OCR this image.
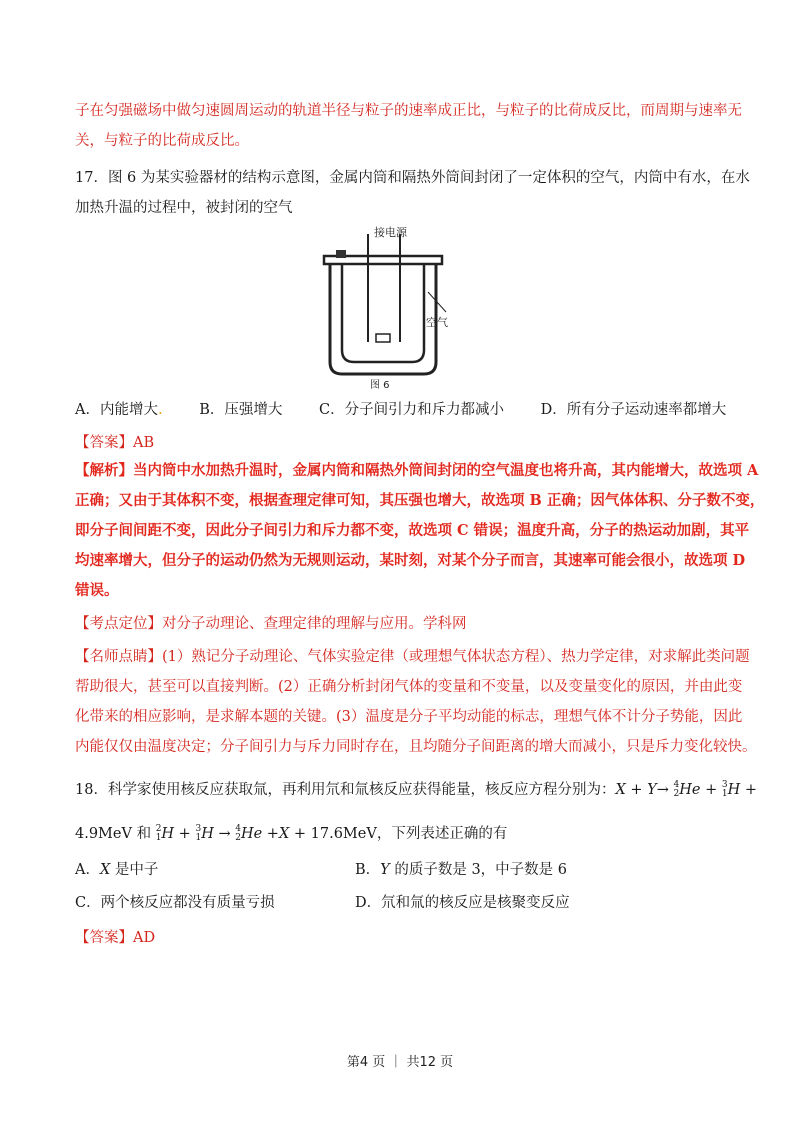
子在匀强磁场中做匀速圆周运动的轨道半径与粒子的速率成正比，与粒子的比荷成反比，而周期与速率无
关，与粒子的比荷成反比。
17．图 6 为某实验器材的结构示意图，金属内筒和隔热外筒间封闭了一定体积的空气，内筒中有水，在水
加热升温的过程中，被封闭的空气
接电源
空气
图 6
A．内能增大.	B．压强增大	C．分子间引力和斥力都减小	D．所有分子运动速率都增大
【答案】AB
【解析】当内筒中水加热升温时，金属内筒和隔热外筒间封闭的空气温度也将升高，其内能增大，故选项 A
正确；又由于其体积不变，根据查理定律可知，其压强也增大，故选项 B 正确；因气体体积、分子数不变，
即分子间间距不变，因此分子间引力和斥力都不变，故选项 C 错误；温度升高，分子的热运动加剧，其平
均速率增大，但分子的运动仍然为无规则运动，某时刻，对某个分子而言，其速率可能会很小，故选项 D
错误。
【考点定位】对分子动理论、查理定律的理解与应用。学科网
【名师点睛】(1）熟记分子动理论、气体实验定律（或理想气体状态方程）、热力学定律，对求解此类问题
帮助很大，甚至可以直接判断。(2）正确分析封闭气体的变量和不变量，以及变量变化的原因，并由此变
化带来的相应影响，是求解本题的关键。(3）温度是分子平均动能的标志，理想气体不计分子势能，因此
内能仅仅由温度决定；分子间引力与斥力同时存在，且均随分子间距离的增大而减小，只是斥力变化较快。
18．科学家使用核反应获取氚，再利用氘和氚核反应获得能量，核反应方程分别为：X + Y→ 4
2 He + 3
1 H +
4.9MeV 和 2
1 H + 3
1 H → 4
2 He +X + 17.6MeV，下列表述正确的有
A．X 是中子	B．Y 的质子数是 3，中子数是 6
C．两个核反应都没有质量亏损	D．氘和氚的核反应是核聚变反应
【答案】AD
第4 页 ｜ 共12 页
